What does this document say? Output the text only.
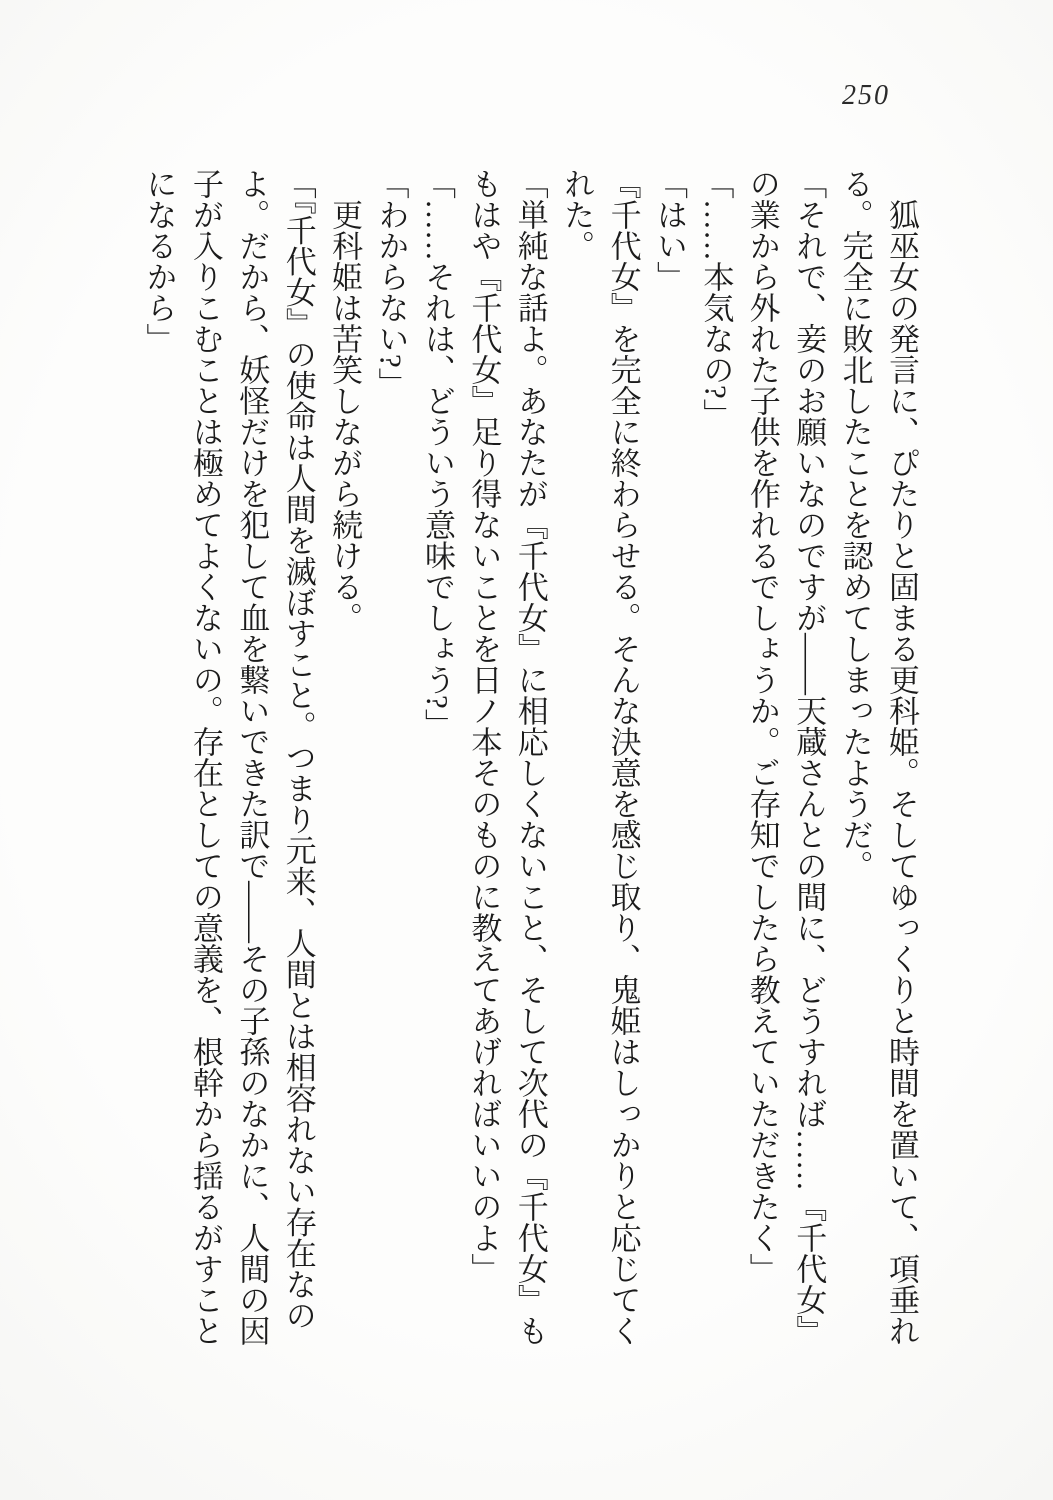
250
狐巫女の発言に、ぴたりと固まる更科姫。そしてゆっくりと時間を置いて、項垂れ
る。完全に敗北したことを認めてしまったようだ。
「それで、妾のお願いなのですが――天蔵さんとの間に、どうすれば……『千代女』
の業から外れた子供を作れるでしょうか。ご存知でしたら教えていただきたく」
「……本気なの?」
「はい」
『千代女』を完全に終わらせる。そんな決意を感じ取り、鬼姫はしっかりと応じてく
れた。
「単純な話よ。あなたが『千代女』に相応しくないこと、そして次代の『千代女』も
もはや『千代女』足り得ないことを日ノ本そのものに教えてあげればいいのよ」
「……それは、どういう意味でしょう?」
「わからない?」
更科姫は苦笑しながら続ける。
「『千代女』の使命は人間を滅ぼすこと。つまり元来、人間とは相容れない存在なの
よ。だから、妖怪だけを犯して血を繋いできた訳で――その子孫のなかに、人間の因
子が入りこむことは極めてよくないの。存在としての意義を、根幹から揺るがすこと
になるから」
